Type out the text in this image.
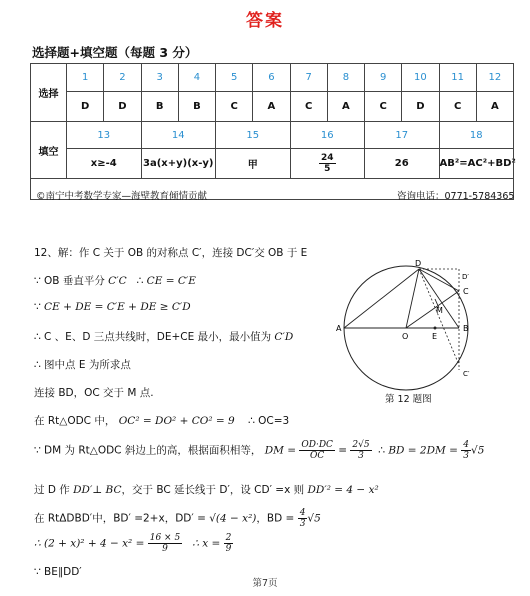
答案
选择题+填空题（每题 3 分）
选择	1	2	3	4	5	6	7	8	9	10	11	12
	D	D	B	B	C	A	C	A	C	D	C	A
填空	13		14		15		16		17		18	
	x≥-4		3a(x+y)(x-y)		甲		$\frac{24}{5}$		26		AB²=AC²+BD²	
©南宁中考数学专家—海壁教育倾情贡献	咨询电话：0771-5784365
12、解：作 C 关于 OB 的对称点 C′，连接 DC′交 OB 于 E
∵ OB 垂直平分 C′C ∴ CE = C′E
∵ CE + DE = C′E + DE ≥ C′D
∴ C 、E、D 三点共线时，DE+CE 最小，最小值为 C′D
∴ 图中点 E 为所求点
连接 BD，OC 交于 M 点.
在 Rt△ODC 中， OC² = DO² + CO² = 9 ∴ OC=3
∵ DM 为 Rt△ODC 斜边上的高，根据面积相等， DM = $\frac{OD\cdot DC}{OC} = \frac{2√5}{3}$ ∴ BD = $2DM = \frac{4}{3} √5$
过 D 作 DD′⊥ BC，交于 BC 延长线于 D′，设 CD′ =x 则 DD′² = 4 − x²
在 RtΔDBD′中，BD′ =2+x，DD′ = √(4 − x²)，BD = $\frac{4}{3} √5$
∴ $(2 + x)^2 + 4 - x^2 = \frac{16 \times 5}{9}$ ∴ $x = \frac{2}{9}$
∵ BE∥DD′
A
O	E
B
C
D
D′
M
C′
第 12 题图
第7页
